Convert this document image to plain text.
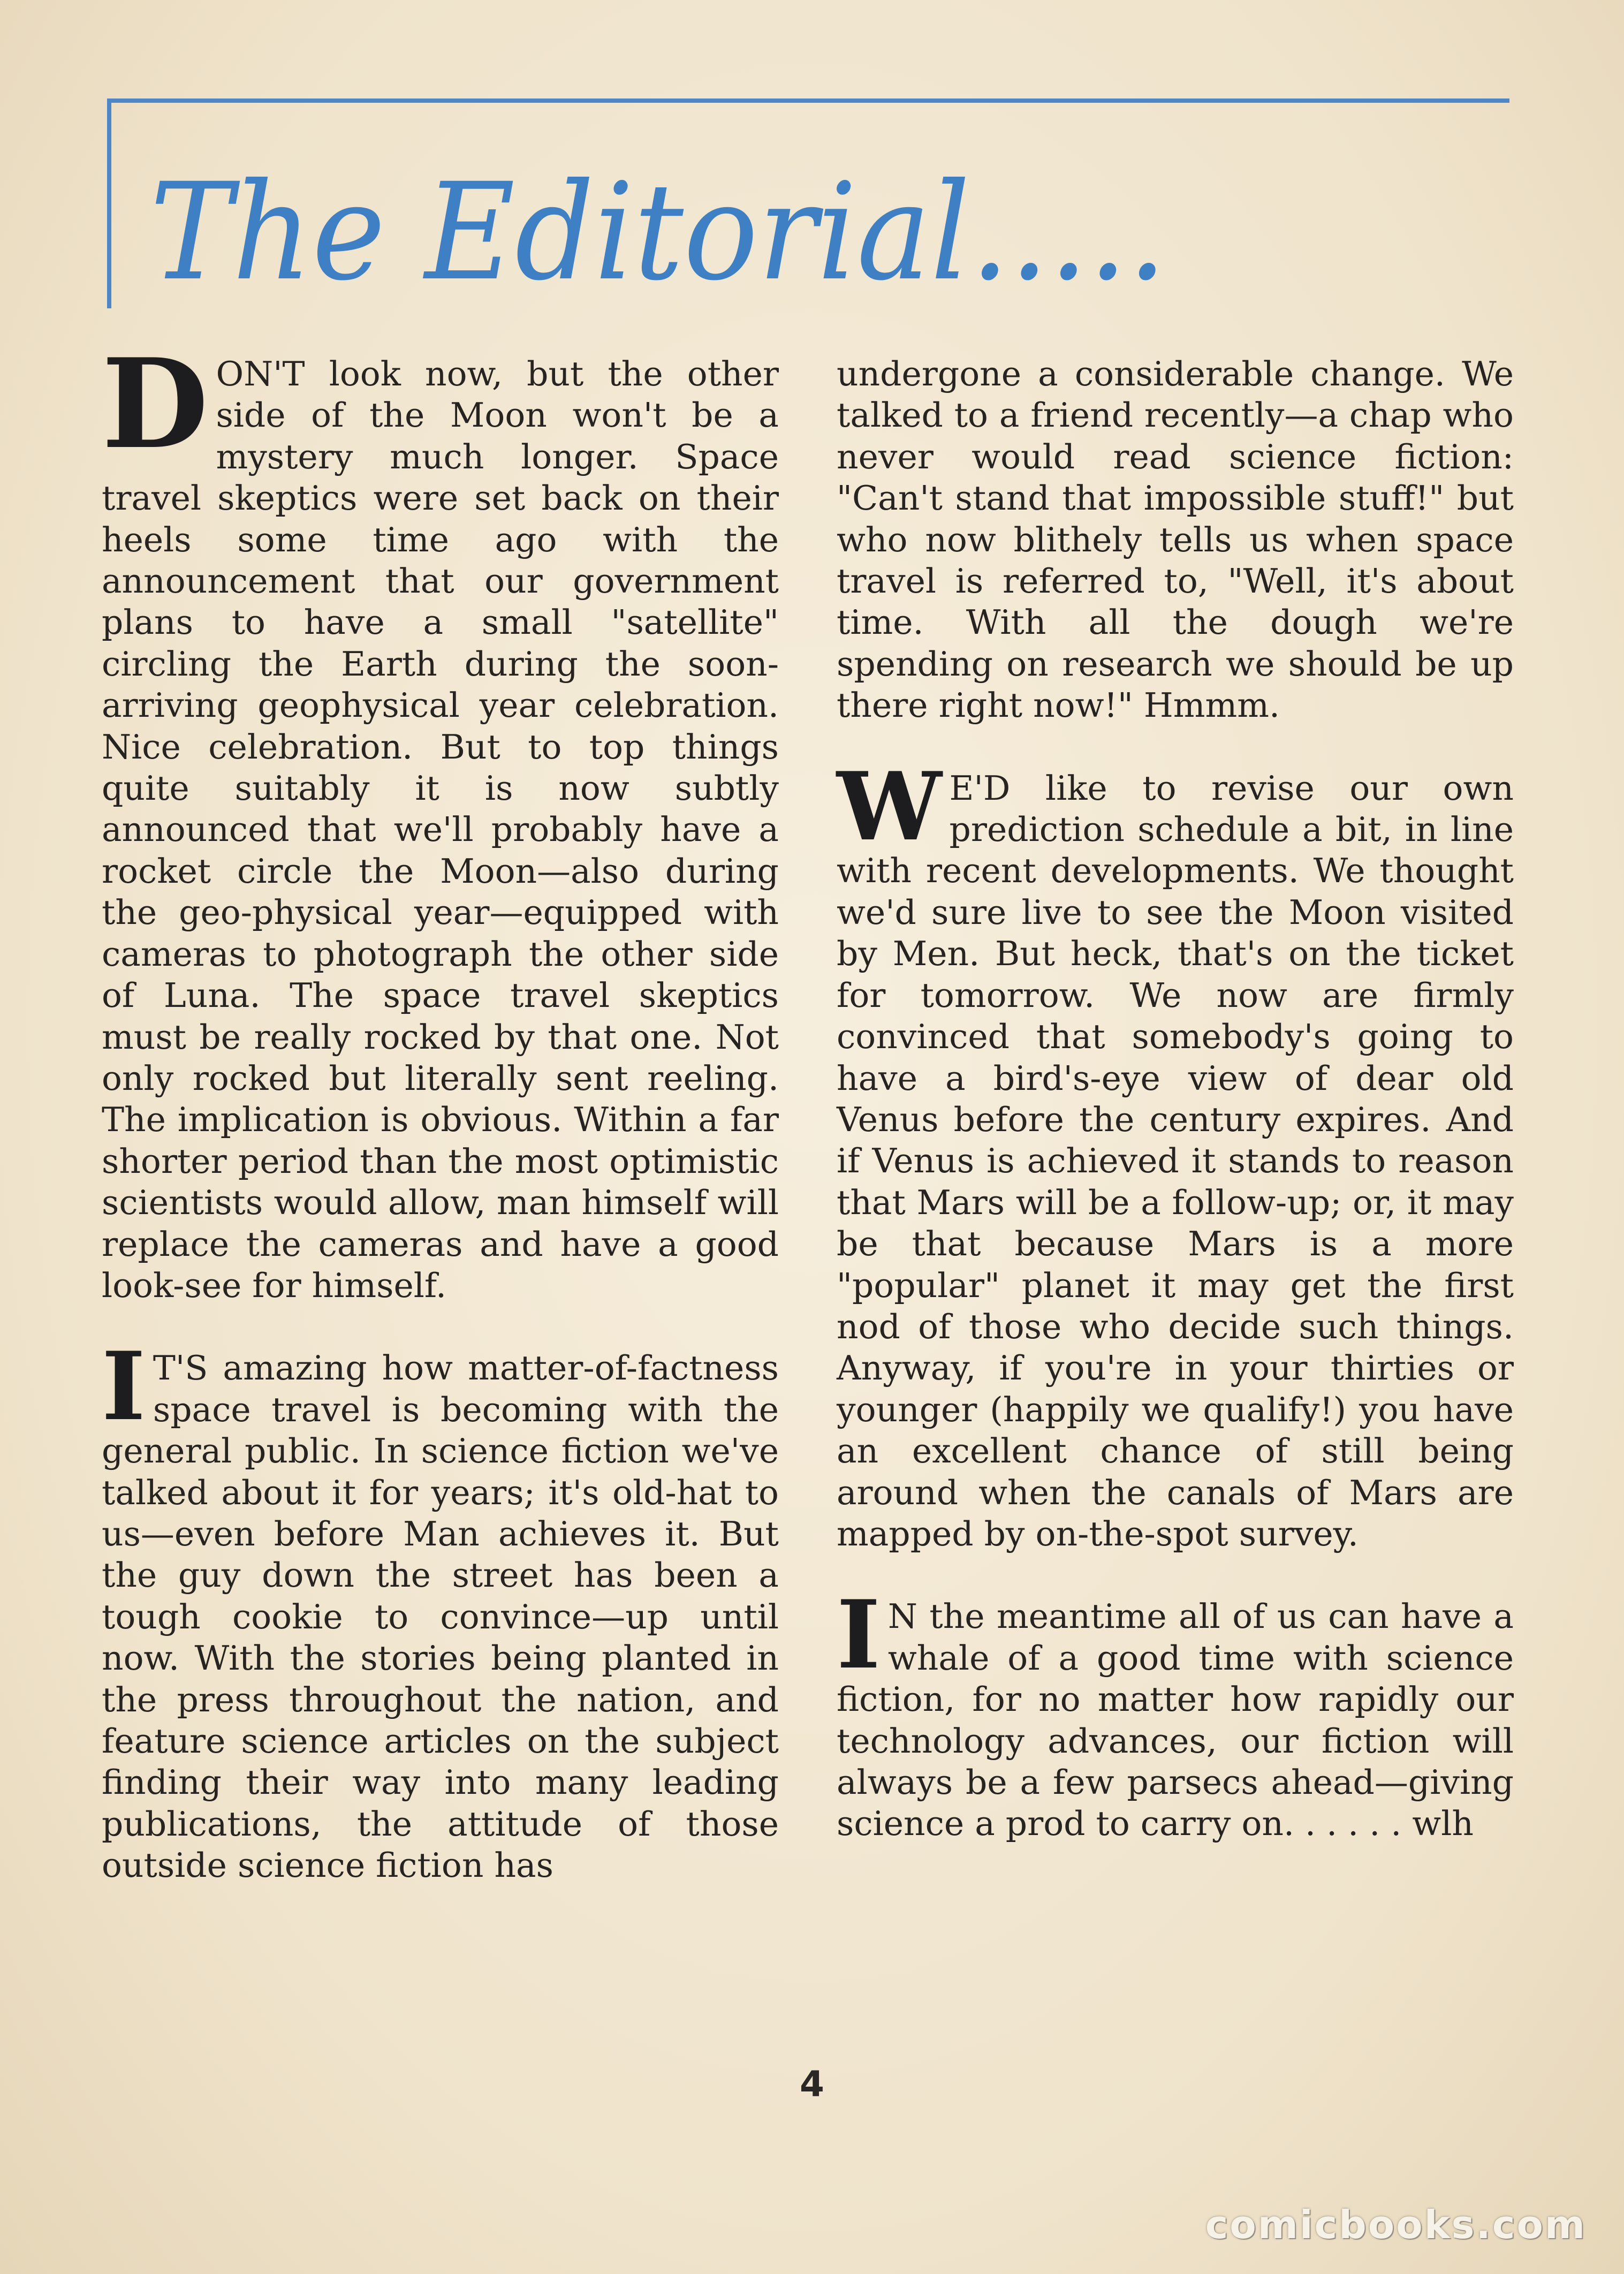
The Editorial.....

DON'T look now, but the other side of the Moon won't be a mystery much longer. Space travel skeptics were set back on their heels some time ago with the announcement that our government plans to have a small "satellite" circling the Earth during the soon-arriving geophysical year celebration. Nice celebration. But to top things quite suitably it is now subtly announced that we'll probably have a rocket circle the Moon—also during the geo-physical year—equipped with cameras to photograph the other side of Luna. The space travel skeptics must be really rocked by that one. Not only rocked but literally sent reeling. The implication is obvious. Within a far shorter period than the most optimistic scientists would allow, man himself will replace the cameras and have a good look-see for himself.

I T'S amazing how matter-of-factness space travel is becoming with the general public. In science fiction we've talked about it for years; it's old-hat to us—even before Man achieves it. But the guy down the street has been a tough cookie to convince—up until now. With the stories being planted in the press throughout the nation, and feature science articles on the subject finding their way into many leading publications, the attitude of those outside science fiction has

undergone a considerable change. We talked to a friend recently—a chap who never would read science fiction: "Can't stand that impossible stuff!" but who now blithely tells us when space travel is referred to, "Well, it's about time. With all the dough we're spending on research we should be up there right now!" Hmmm.

W E'D like to revise our own prediction schedule a bit, in line with recent developments. We thought we'd sure live to see the Moon visited by Men. But heck, that's on the ticket for tomorrow. We now are firmly convinced that somebody's going to have a bird's-eye view of dear old Venus before the century expires. And if Venus is achieved it stands to reason that Mars will be a follow-up; or, it may be that because Mars is a more "popular" planet it may get the first nod of those who decide such things. Anyway, if you're in your thirties or younger (happily we qualify!) you have an excellent chance of still being around when the canals of Mars are mapped by on-the-spot survey.

I N the meantime all of us can have a whale of a good time with science fiction, for no matter how rapidly our technology advances, our fiction will always be a few parsecs ahead—giving science a prod to carry on. . . . . . wlh

4
comicbooks.com
